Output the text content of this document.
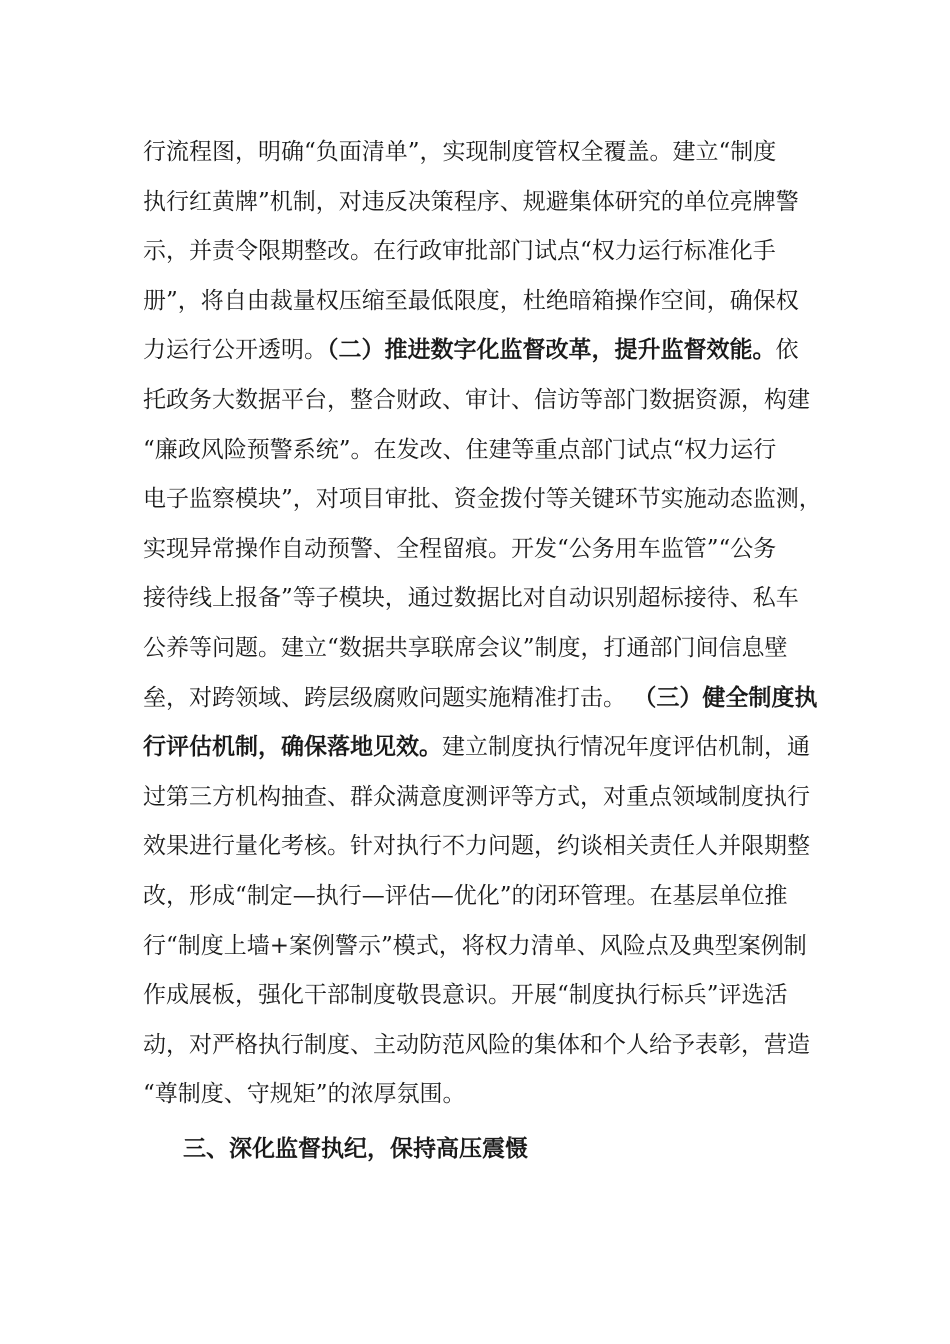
行流程图，明确“负面清单”，实现制度管权全覆盖。建立“制度
执行红黄牌”机制，对违反决策程序、规避集体研究的单位亮牌警
示，并责令限期整改。在行政审批部门试点“权力运行标准化手
册”，将自由裁量权压缩至最低限度，杜绝暗箱操作空间，确保权
力运行公开透明。（二）推进数字化监督改革，提升监督效能。依
托政务大数据平台，整合财政、审计、信访等部门数据资源，构建
“廉政风险预警系统”。在发改、住建等重点部门试点“权力运行
电子监察模块”，对项目审批、资金拨付等关键环节实施动态监测，
实现异常操作自动预警、全程留痕。开发“公务用车监管”“公务
接待线上报备”等子模块，通过数据比对自动识别超标接待、私车
公养等问题。建立“数据共享联席会议”制度，打通部门间信息壁
垒，对跨领域、跨层级腐败问题实施精准打击。 （三）健全制度执
行评估机制，确保落地见效。建立制度执行情况年度评估机制，通
过第三方机构抽查、群众满意度测评等方式，对重点领域制度执行
效果进行量化考核。针对执行不力问题，约谈相关责任人并限期整
改，形成“制定—执行—评估—优化”的闭环管理。在基层单位推
行“制度上墙+案例警示”模式，将权力清单、风险点及典型案例制
作成展板，强化干部制度敬畏意识。开展“制度执行标兵”评选活
动，对严格执行制度、主动防范风险的集体和个人给予表彰，营造
“尊制度、守规矩”的浓厚氛围。
三、深化监督执纪，保持高压震慑
